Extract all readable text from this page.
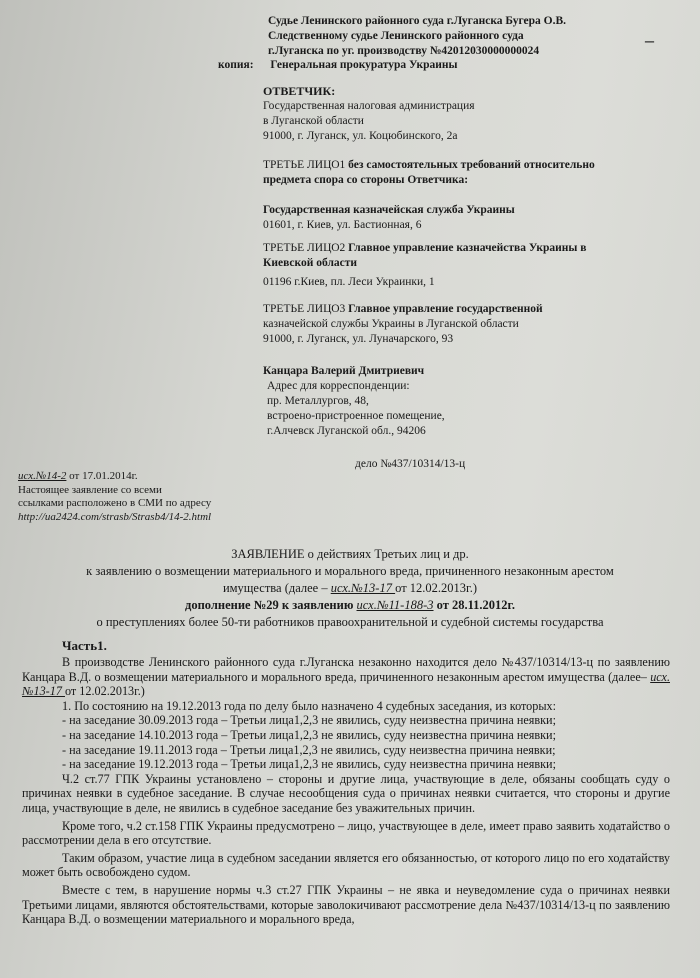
–
Судье Ленинского районного суда г.Луганска Бугера О.В.
Следственному судье Ленинского районного суда
г.Луганска по уг. производству №42012030000000024
копия: Генеральная прокуратура Украины
ОТВЕТЧИК:
Государственная налоговая администрация
в Луганской области
91000, г. Луганск, ул. Коцюбинского, 2а
ТРЕТЬЕ ЛИЦО1 без самостоятельных требований относительно
предмета спора со стороны Ответчика:
Государственная казначейская служба Украины
01601, г. Киев, ул. Бастионная, 6
ТРЕТЬЕ ЛИЦО2 Главное управление казначейства Украины в
Киевской области
01196 г.Киев, пл. Леси Украинки, 1
ТРЕТЬЕ ЛИЦО3 Главное управление государственной
казначейской службы Украины в Луганской области
91000, г. Луганск, ул. Луначарского, 93
Канцара Валерий Дмитриевич
Адрес для корреспонденции:
пр. Металлургов, 48,
встроено-пристроенное помещение,
г.Алчевск Луганской обл., 94206
дело №437/10314/13-ц
исх.№14-2 от 17.01.2014г.
Настоящее заявление со всеми
ссылками расположено в СМИ по адресу
http://ua2424.com/strasb/Strasb4/14-2.html
ЗАЯВЛЕНИЕ о действиях Третьих лиц и др.
к заявлению о возмещении материального и морального вреда, причиненного незаконным арестом
имущества (далее – исх.№13-17 от 12.02.2013г.)
дополнение №29 к заявлению исх.№11-188-3 от 28.11.2012г.
о преступлениях более 50-ти работников правоохранительной и судебной системы государства
Часть1.

В производстве Ленинского районного суда г.Луганска незаконно находится дело №437/10314/13-ц по заявлению Канцара В.Д. о возмещении материального и морального вреда, причиненного незаконным арестом имущества (далее– исх.№13-17 от 12.02.2013г.)

1. По состоянию на 19.12.2013 года по делу было назначено 4 судебных заседания, из которых:

- на заседание 30.09.2013 года – Третьи лица1,2,3 не явились, суду неизвестна причина неявки;
- на заседание 14.10.2013 года – Третьи лица1,2,3 не явились, суду неизвестна причина неявки;
- на заседание 19.11.2013 года – Третьи лица1,2,3 не явились, суду неизвестна причина неявки;
- на заседание 19.12.2013 года – Третьи лица1,2,3 не явились, суду неизвестна причина неявки;

Ч.2 ст.77 ГПК Украины установлено – стороны и другие лица, участвующие в деле, обязаны сообщать суду о причинах неявки в судебное заседание. В случае несообщения суда о причинах неявки считается, что стороны и другие лица, участвующие в деле, не явились в судебное заседание без уважительных причин.

Кроме того, ч.2 ст.158 ГПК Украины предусмотрено – лицо, участвующее в деле, имеет право заявить ходатайство о рассмотрении дела в его отсутствие.

Таким образом, участие лица в судебном заседании является его обязанностью, от которого лицо по его ходатайству может быть освобождено судом.

Вместе с тем, в нарушение нормы ч.3 ст.27 ГПК Украины – не явка и неуведомление суда о причинах неявки Третьими лицами, являются обстоятельствами, которые заволокичивают рассмотрение дела №437/10314/13-ц по заявлению Канцара В.Д. о возмещении материального и морального вреда,
